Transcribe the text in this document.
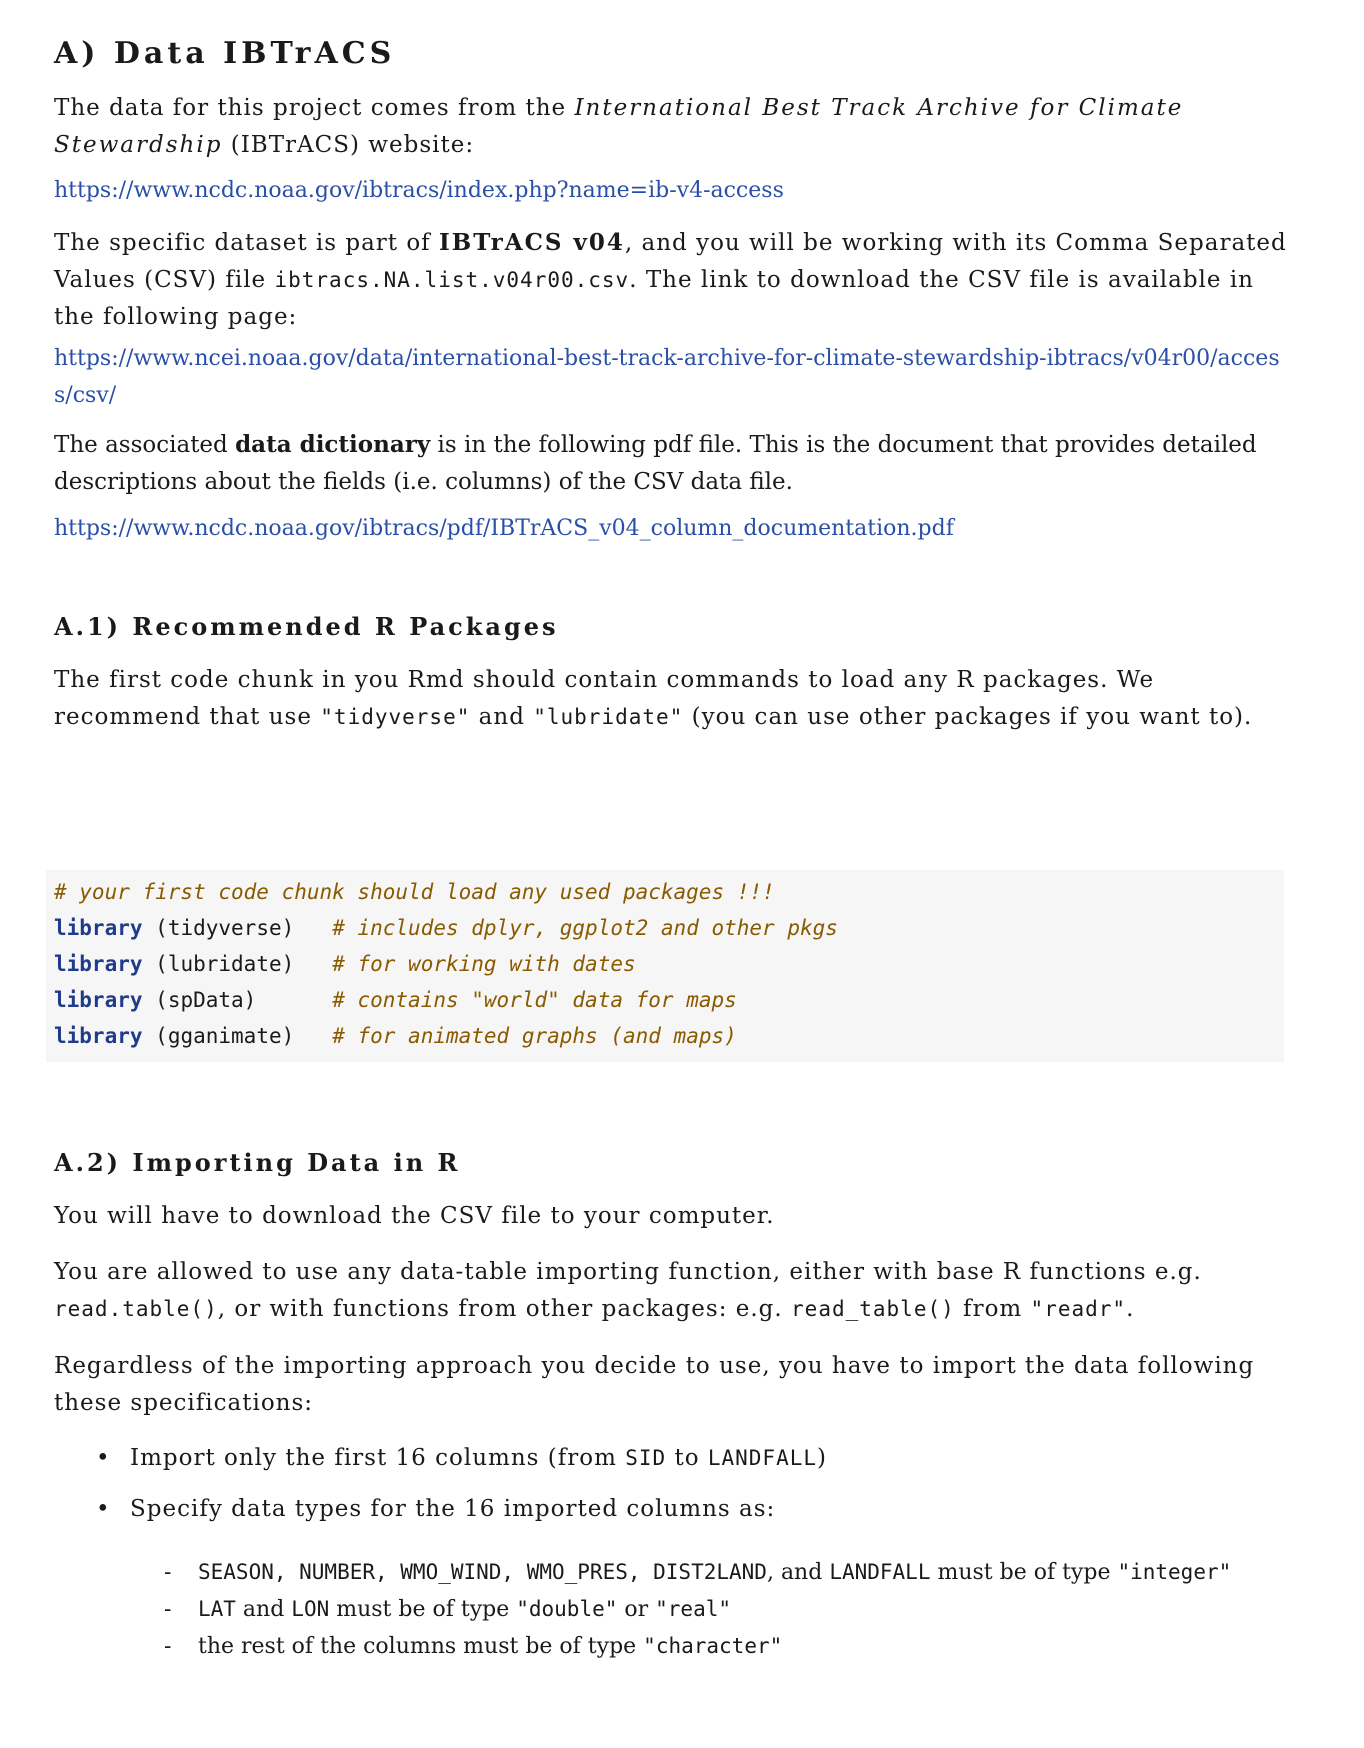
A) Data IBTrACS

The data for this project comes from the International Best Track Archive for Climate Stewardship (IBTrACS) website:

https://www.ncdc.noaa.gov/ibtracs/index.php?name=ib-v4-access

The specific dataset is part of IBTrACS v04, and you will be working with its Comma Separated Values (CSV) file ibtracs.NA.list.v04r00.csv. The link to download the CSV file is available in the following page:

https://www.ncei.noaa.gov/data/international-best-track-archive-for-climate-stewardship-ibtracs/v04r00/access/csv/

The associated data dictionary is in the following pdf file. This is the document that provides detailed descriptions about the fields (i.e. columns) of the CSV data file.

https://www.ncdc.noaa.gov/ibtracs/pdf/IBTrACS_v04_column_documentation.pdf

A.1) Recommended R Packages

The first code chunk in you Rmd should contain commands to load any R packages. We recommend that use "tidyverse" and "lubridate" (you can use other packages if you want to).

# your first code chunk should load any used packages !!!
library (tidyverse) # includes dplyr, ggplot2 and other pkgs
library (lubridate) # for working with dates
library (spData)	# contains "world" data for maps
library (gganimate) # for animated graphs (and maps)
A.2) Importing Data in R

You will have to download the CSV file to your computer.

You are allowed to use any data-table importing function, either with base R functions e.g. read.table(), or with functions from other packages: e.g. read_table() from "readr".

Regardless of the importing approach you decide to use, you have to import the data following these specifications:

• Import only the first 16 columns (from SID to LANDFALL)
• Specify data types for the 16 imported columns as:
- SEASON, NUMBER, WMO_WIND, WMO_PRES, DIST2LAND, and LANDFALL must be of type "integer"
- LAT and LON must be of type "double" or "real"
- the rest of the columns must be of type "character"
